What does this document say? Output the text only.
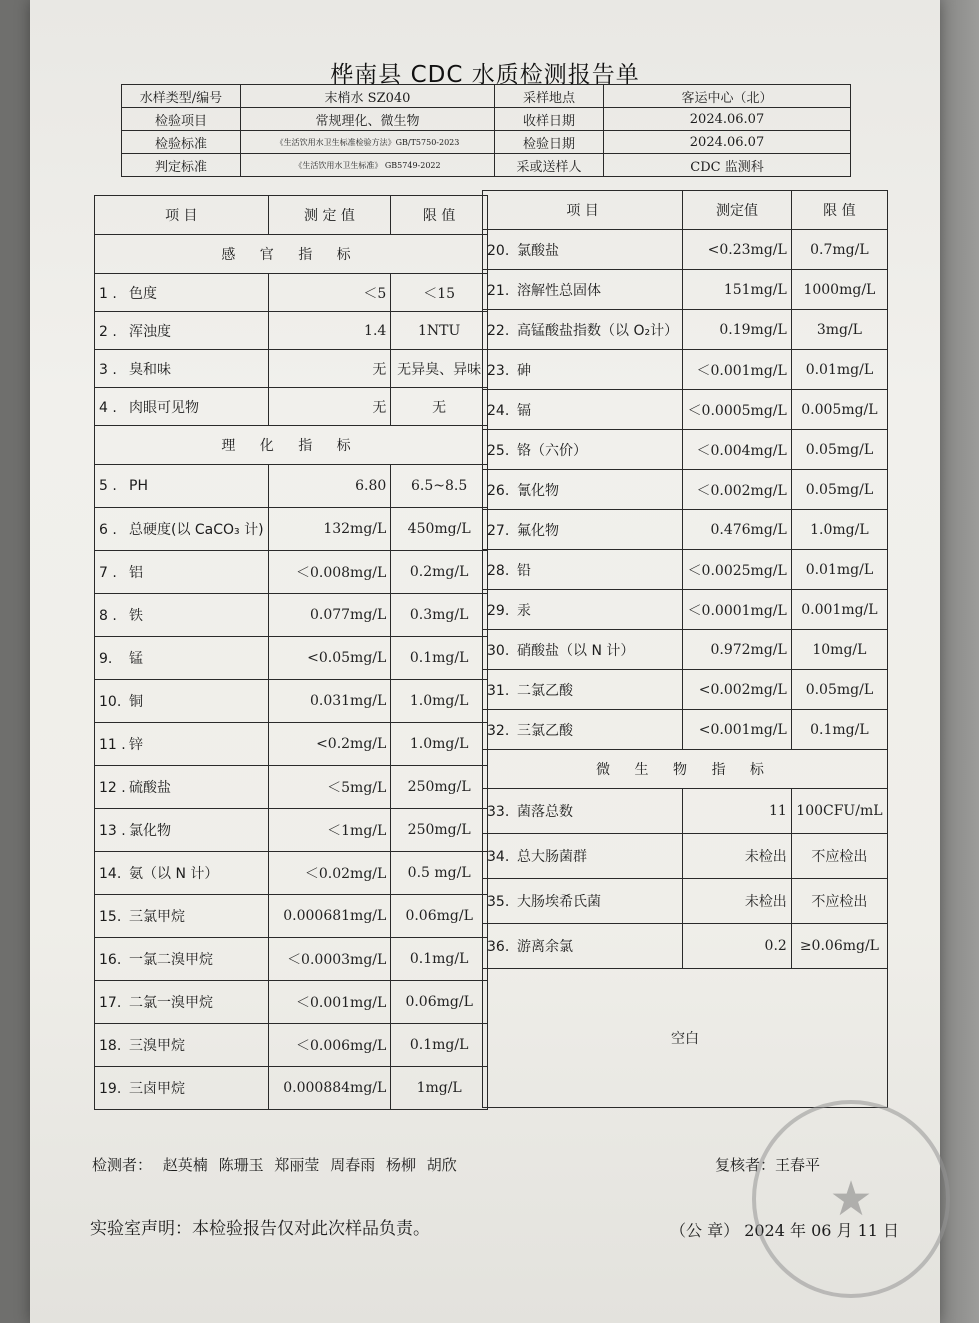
桦南县 CDC 水质检测报告单
水样类型/编号	末梢水 SZ040	采样地点	客运中心（北）
检验项目	常规理化、微生物	收样日期	2024.06.07
检验标准	《生活饮用水卫生标准检验方法》GB/T5750-2023	检验日期	2024.06.07
判定标准	《生活饮用水卫生标准》 GB5749-2022	采或送样人	CDC 监测科
项 目	测 定 值	限 值
感 官 指 标		
1 . 色度	＜5	＜15
2 . 浑浊度	1.4	1NTU
3 . 臭和味	无	无异臭、异味
4 . 肉眼可见物	无	无
理 化 指 标		
5 . PH	6.80	6.5~8.5
6 . 总硬度(以 CaCO₃ 计)	132mg/L	450mg/L
7 . 铝	＜0.008mg/L	0.2mg/L
8 . 铁	0.077mg/L	0.3mg/L
9. 锰	<0.05mg/L	0.1mg/L
10. 铜	0.031mg/L	1.0mg/L
11 . 锌	<0.2mg/L	1.0mg/L
12 . 硫酸盐	＜5mg/L	250mg/L
13 . 氯化物	＜1mg/L	250mg/L
14. 氨（以 N 计）	＜0.02mg/L	0.5 mg/L
15. 三氯甲烷	0.000681mg/L	0.06mg/L
16. 一氯二溴甲烷	＜0.0003mg/L	0.1mg/L
17. 二氯一溴甲烷	＜0.001mg/L	0.06mg/L
18. 三溴甲烷	＜0.006mg/L	0.1mg/L
19. 三卤甲烷	0.000884mg/L	1mg/L
项 目	测定值	限 值
20. 氯酸盐	<0.23mg/L	0.7mg/L
21. 溶解性总固体	151mg/L	1000mg/L
22. 高锰酸盐指数（以 O₂计）	0.19mg/L	3mg/L
23. 砷	＜0.001mg/L	0.01mg/L
24. 镉	＜0.0005mg/L	0.005mg/L
25. 铬（六价）	＜0.004mg/L	0.05mg/L
26. 氰化物	＜0.002mg/L	0.05mg/L
27. 氟化物	0.476mg/L	1.0mg/L
28. 铅	＜0.0025mg/L	0.01mg/L
29. 汞	＜0.0001mg/L	0.001mg/L
30. 硝酸盐（以 N 计）	0.972mg/L	10mg/L
31. 二氯乙酸	<0.002mg/L	0.05mg/L
32. 三氯乙酸	<0.001mg/L	0.1mg/L
微 生 物 指 标		
33. 菌落总数	11	100CFU/mL
34. 总大肠菌群	未检出	不应检出
35. 大肠埃希氏菌	未检出	不应检出
36. 游离余氯	0.2	≥0.06mg/L
空白		
检测者： 赵英楠 陈珊玉 郑丽莹 周春雨 杨柳 胡欣	复核者：王春平
实验室声明：本检验报告仅对此次样品负责。	（公 章） 2024 年 06 月 11 日
★
